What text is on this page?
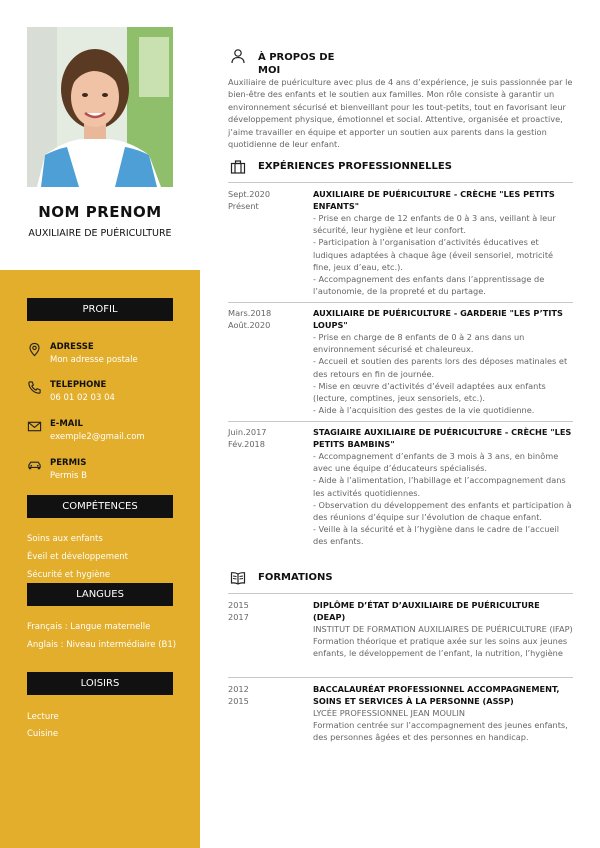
NOM PRENOM
AUXILIAIRE DE PUÉRICULTURE
PROFIL
ADRESSE
Mon adresse postale
TELEPHONE
06 01 02 03 04
E-MAIL
exemple2@gmail.com
PERMIS
Permis B
COMPÉTENCES
Soins aux enfants
Éveil et développement
Sécurité et hygiène
LANGUES
Français : Langue maternelle
Anglais : Niveau intermédiaire (B1)
LOISIRS
Lecture
Cuisine
À PROPOS DE
MOI
Auxiliaire de puériculture avec plus de 4 ans d’expérience, je suis passionnée par le bien-être des enfants et le soutien aux familles. Mon rôle consiste à garantir un environnement sécurisé et bienveillant pour les tout-petits, tout en favorisant leur développement physique, émotionnel et social. Attentive, organisée et proactive, j’aime travailler en équipe et apporter un soutien aux parents dans la gestion quotidienne de leur enfant.
EXPÉRIENCES PROFESSIONNELLES
Sept.2020
Présent
AUXILIAIRE DE PUÉRICULTURE - CRÈCHE "LES PETITS ENFANTS"
- Prise en charge de 12 enfants de 0 à 3 ans, veillant à leur sécurité, leur hygiène et leur confort.
- Participation à l’organisation d’activités éducatives et ludiques adaptées à chaque âge (éveil sensoriel, motricité fine, jeux d’eau, etc.).
- Accompagnement des enfants dans l’apprentissage de l’autonomie, de la propreté et du partage.
Mars.2018
Août.2020
AUXILIAIRE DE PUÉRICULTURE - GARDERIE "LES P’TITS LOUPS"
- Prise en charge de 8 enfants de 0 à 2 ans dans un environnement sécurisé et chaleureux.
- Accueil et soutien des parents lors des déposes matinales et des retours en fin de journée.
- Mise en œuvre d’activités d’éveil adaptées aux enfants (lecture, comptines, jeux sensoriels, etc.).
- Aide à l’acquisition des gestes de la vie quotidienne.
Juin.2017
Fév.2018
STAGIAIRE AUXILIAIRE DE PUÉRICULTURE - CRÈCHE "LES PETITS BAMBINS"
- Accompagnement d’enfants de 3 mois à 3 ans, en binôme avec une équipe d’éducateurs spécialisés.
- Aide à l’alimentation, l’habillage et l’accompagnement dans les activités quotidiennes.
- Observation du développement des enfants et participation à des réunions d’équipe sur l’évolution de chaque enfant.
- Veille à la sécurité et à l’hygiène dans le cadre de l’accueil des enfants.
FORMATIONS
2015
2017
DIPLÔME D’ÉTAT D’AUXILIAIRE DE PUÉRICULTURE (DEAP)
INSTITUT DE FORMATION AUXILIAIRES DE PUÉRICULTURE (IFAP)
Formation théorique et pratique axée sur les soins aux jeunes enfants, le développement de l’enfant, la nutrition, l’hygiène
2012
2015
BACCALAURÉAT PROFESSIONNEL ACCOMPAGNEMENT, SOINS ET SERVICES À LA PERSONNE (ASSP)
LYCÉE PROFESSIONNEL JEAN MOULIN
Formation centrée sur l’accompagnement des jeunes enfants, des personnes âgées et des personnes en handicap.
